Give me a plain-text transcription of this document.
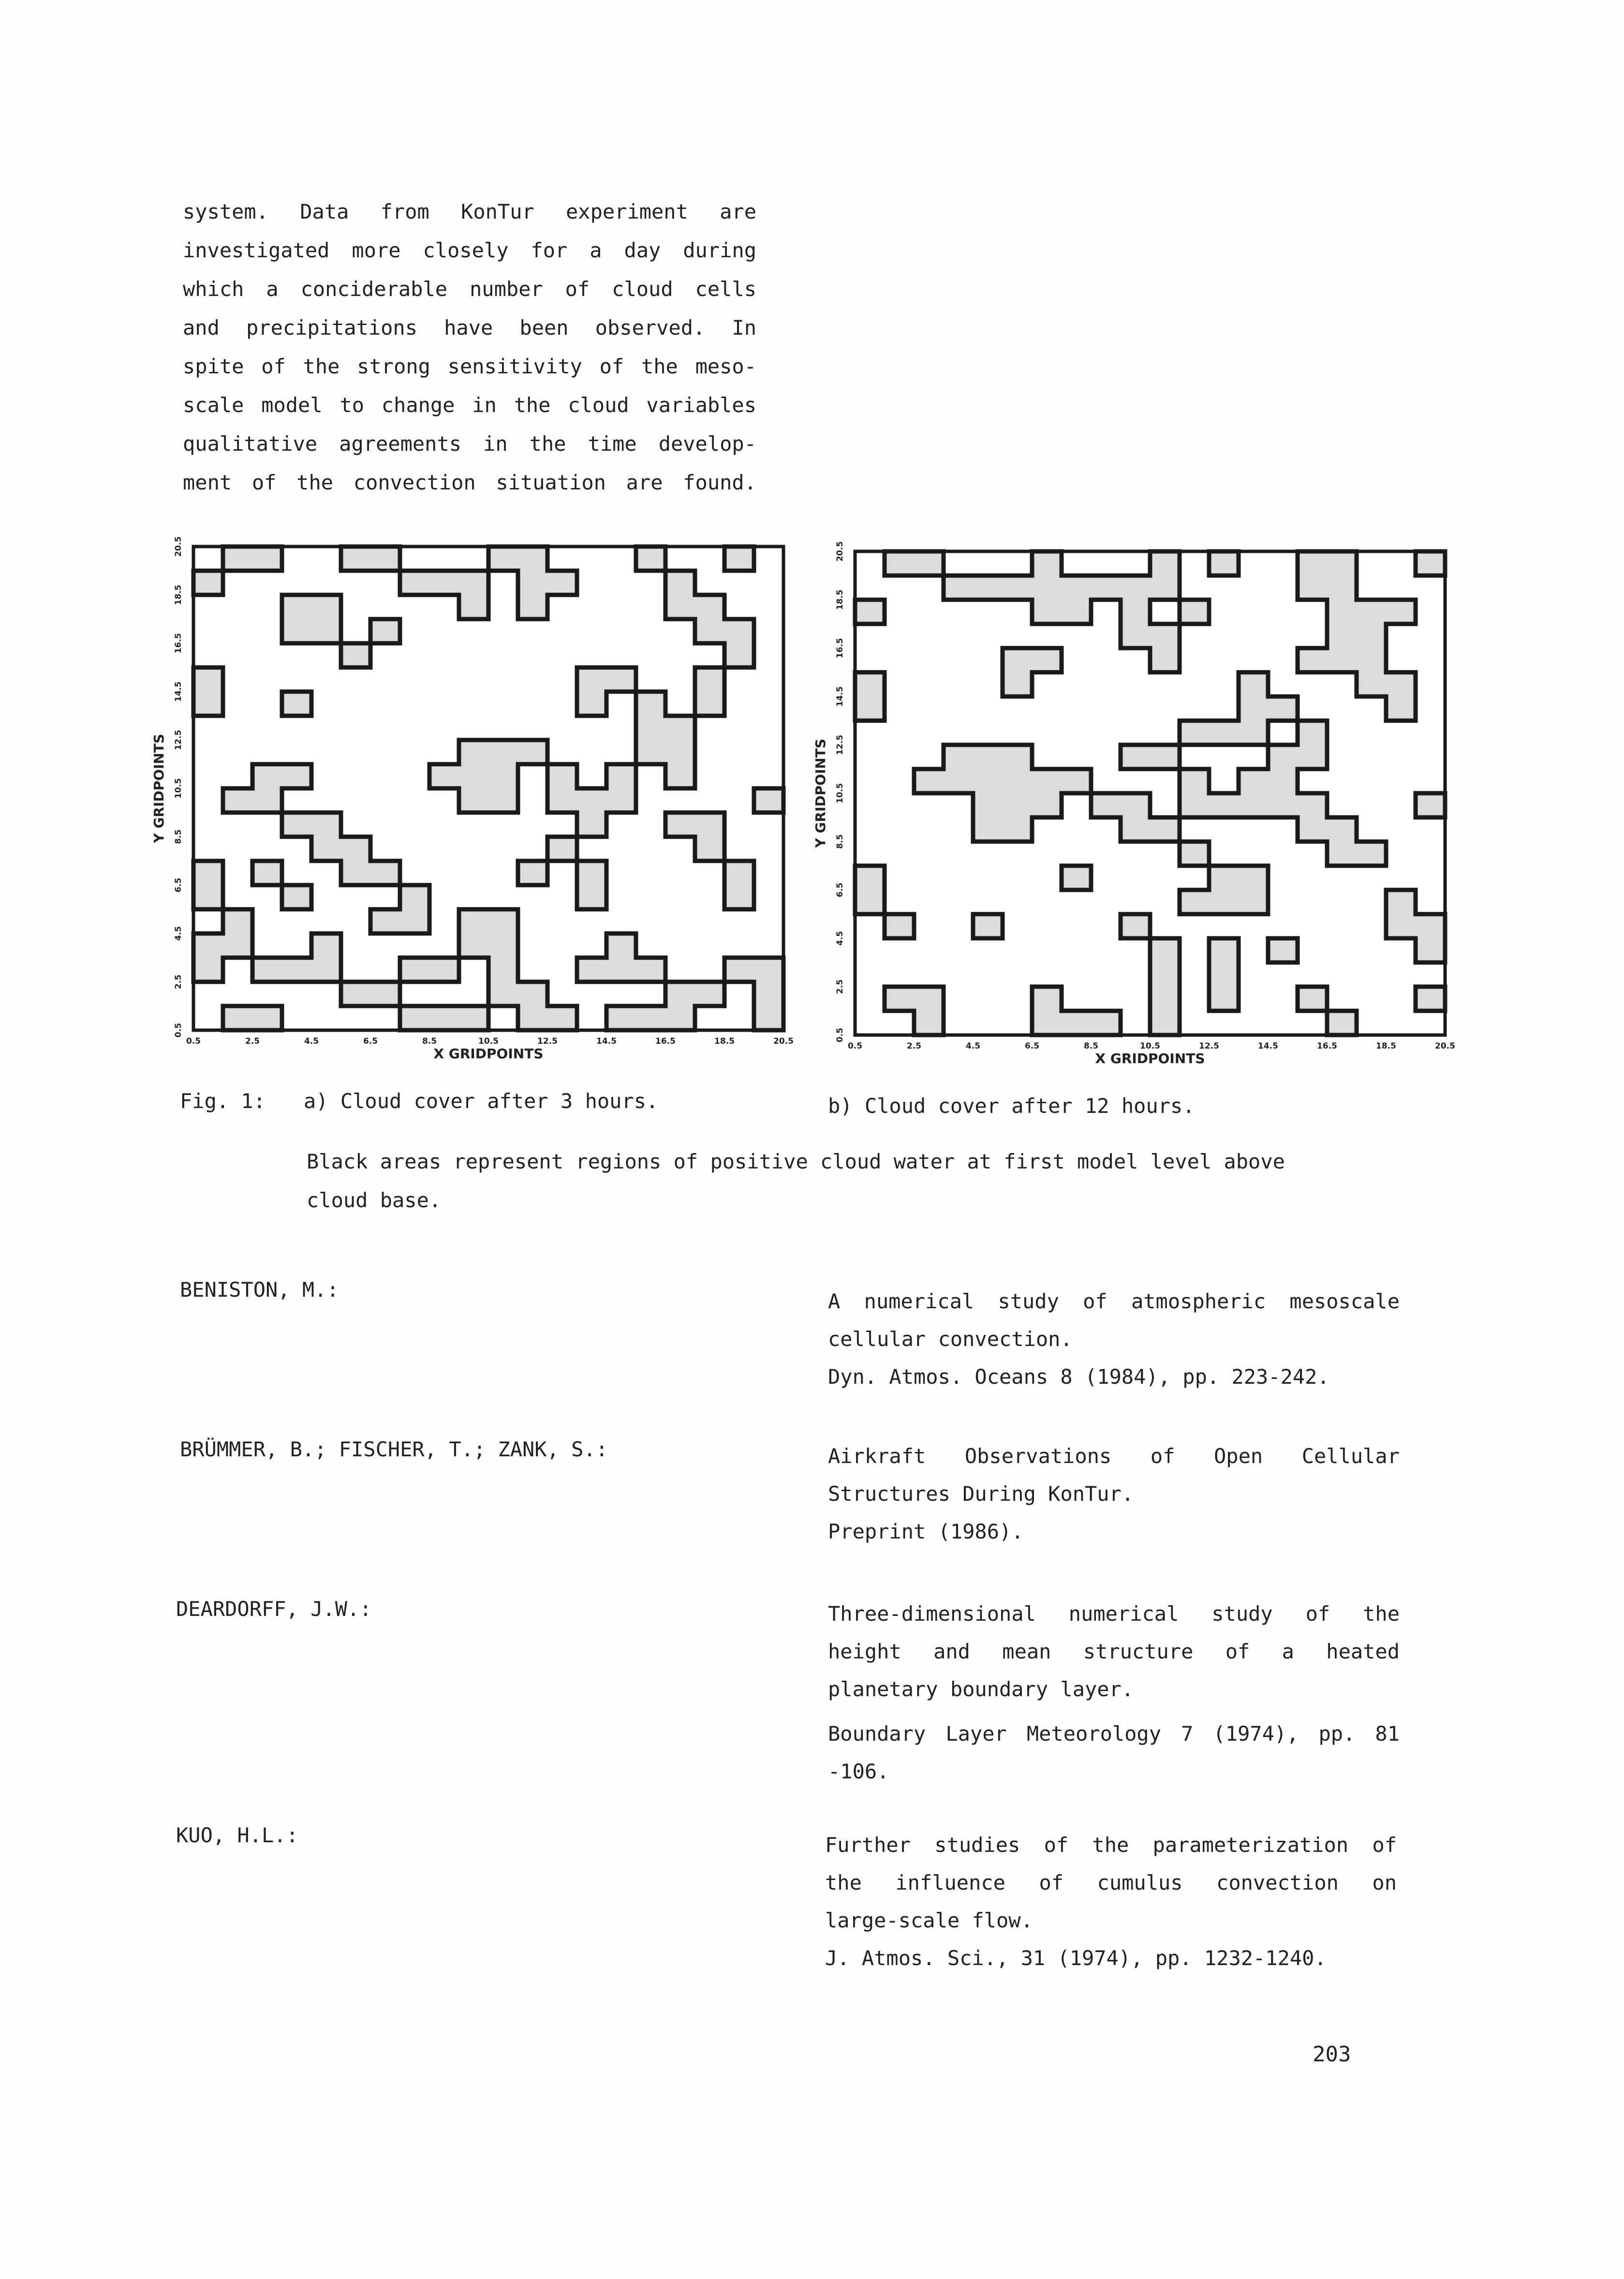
system. Data from KonTur experiment are
investigated more closely for a day during
which a conciderable number of cloud cells
and precipitations have been observed. In
spite of the strong sensitivity of the meso-
scale model to change in the cloud variables
qualitative agreements in the time develop-
ment of the convection situation are found.
0.5	2.5	4.5	6.5	8.5	10.5	12.5	14.5	16.5	18.5	20.5
0.5
2.5
4.5
6.5
8.5
10.5
12.5
14.5
16.5
18.5
20.5
X GRIDPOINTS
Y GRIDPOINTS
0.5	2.5	4.5	6.5	8.5	10.5	12.5	14.5	16.5	18.5	20.5
0.5
2.5
4.5
6.5
8.5
10.5
12.5
14.5
16.5
18.5
20.5
X GRIDPOINTS
Y GRIDPOINTS
Fig. 1: a) Cloud cover after 3 hours.	b) Cloud cover after 12 hours.
Black areas represent regions of positive cloud water at first model level above
cloud base.
BENISTON, M.:	A numerical study of atmospheric mesoscale
cellular convection.
Dyn. Atmos. Oceans 8 (1984), pp. 223-242.
BRÜMMER, B.; FISCHER, T.; ZANK, S.:	Airkraft Observations of Open Cellular
Structures During KonTur.
Preprint (1986).
DEARDORFF, J.W.:	Three-dimensional numerical study of the
height and mean structure of a heated
planetary boundary layer.
Boundary Layer Meteorology 7 (1974), pp. 81
-106.
KUO, H.L.:	Further studies of the parameterization of
the influence of cumulus convection on
large-scale flow.
J. Atmos. Sci., 31 (1974), pp. 1232-1240.
203
